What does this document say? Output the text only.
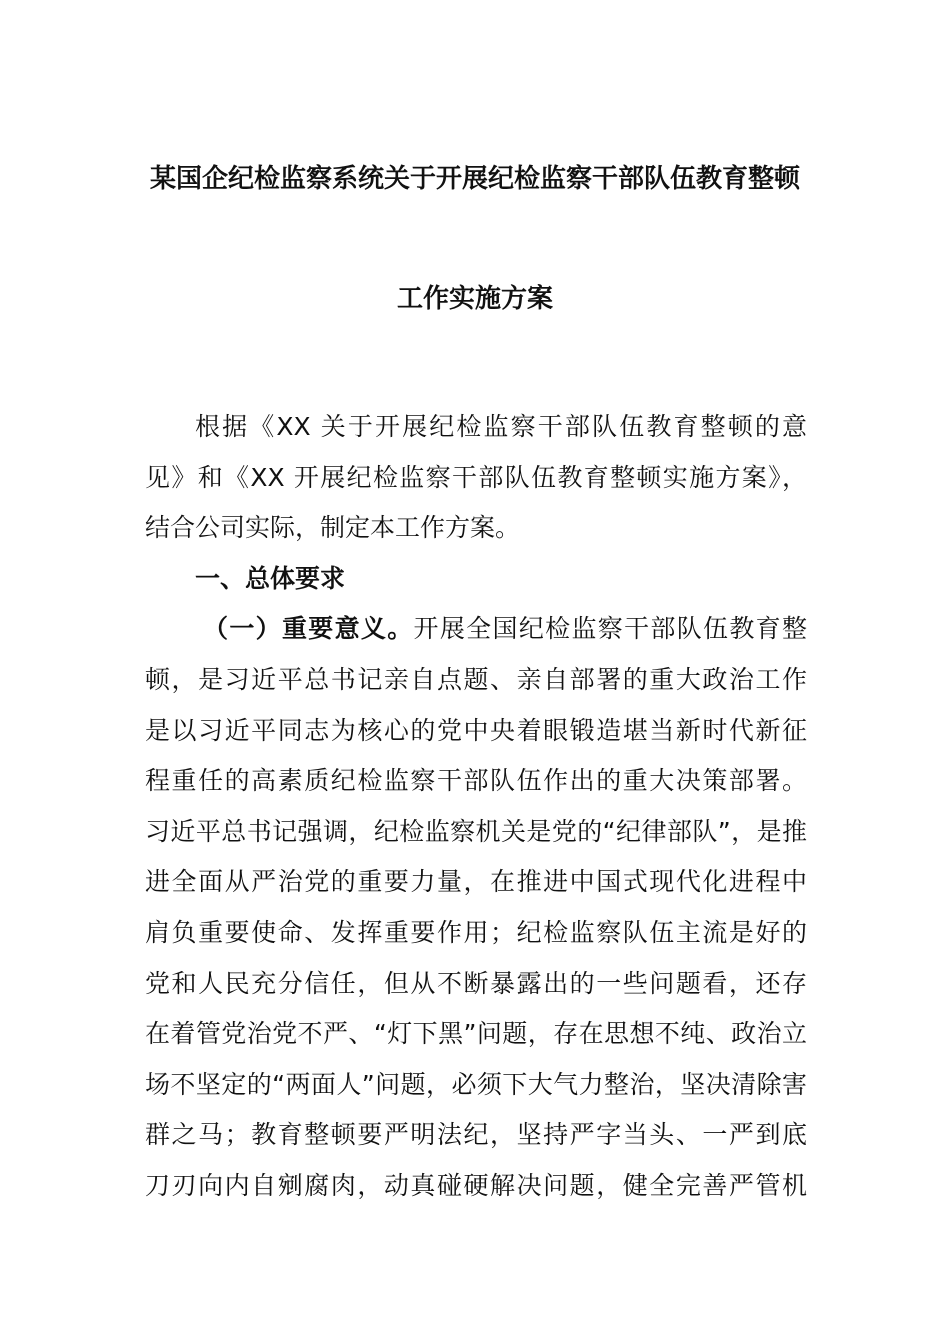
某国企纪检监察系统关于开展纪检监察干部队伍教育整顿
工作实施方案
根据《XX 关于开展纪检监察干部队伍教育整顿的意
见》和《XX 开展纪检监察干部队伍教育整顿实施方案》，
结合公司实际，制定本工作方案。
一、总体要求
（一）重要意义。开展全国纪检监察干部队伍教育整
顿，是习近平总书记亲自点题、亲自部署的重大政治工作
是以习近平同志为核心的党中央着眼锻造堪当新时代新征
程重任的高素质纪检监察干部队伍作出的重大决策部署。
习近平总书记强调，纪检监察机关是党的“纪律部队”，是推
进全面从严治党的重要力量，在推进中国式现代化进程中
肩负重要使命、发挥重要作用；纪检监察队伍主流是好的
党和人民充分信任，但从不断暴露出的一些问题看，还存
在着管党治党不严、“灯下黑”问题，存在思想不纯、政治立
场不坚定的“两面人”问题，必须下大气力整治，坚决清除害
群之马；教育整顿要严明法纪，坚持严字当头、一严到底
刀刃向内自剜腐肉，动真碰硬解决问题，健全完善严管机
